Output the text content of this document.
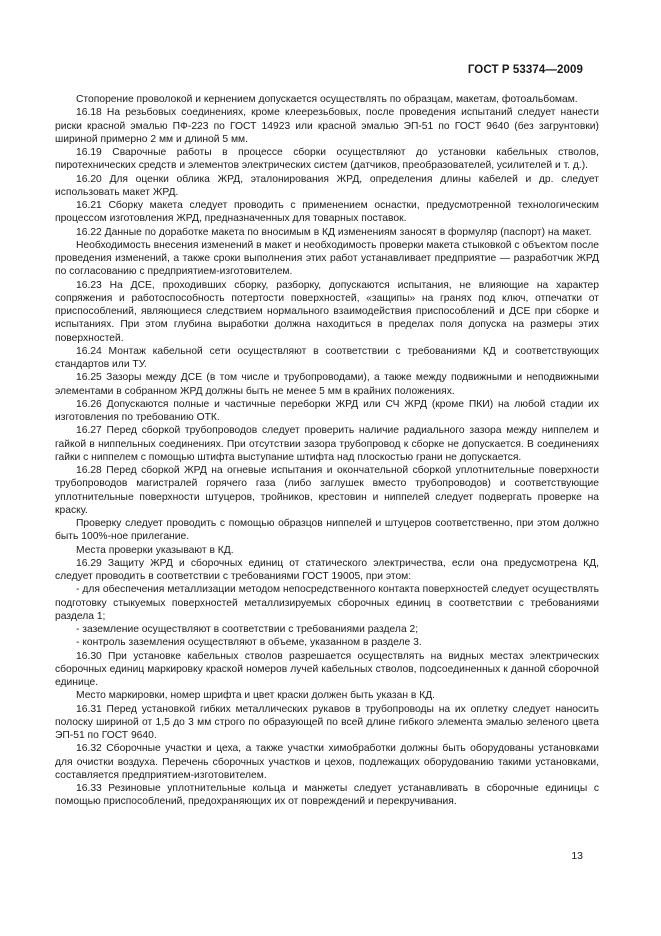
ГОСТ Р 53374—2009

Стопорение проволокой и кернением допускается осуществлять по образцам, макетам, фотоальбомам.

16.18 На резьбовых соединениях, кроме клеерезьбовых, после проведения испытаний следует нанести риски красной эмалью ПФ-223 по ГОСТ 14923 или красной эмалью ЭП-51 по ГОСТ 9640 (без загрунтовки) шириной примерно 2 мм и длиной 5 мм.

16.19 Сварочные работы в процессе сборки осуществляют до установки кабельных стволов, пиротехнических средств и элементов электрических систем (датчиков, преобразователей, усилителей и т. д.).

16.20 Для оценки облика ЖРД, эталонирования ЖРД, определения длины кабелей и др. следует использовать макет ЖРД.

16.21 Сборку макета следует проводить с применением оснастки, предусмотренной технологическим процессом изготовления ЖРД, предназначенных для товарных поставок.

16.22 Данные по доработке макета по вносимым в КД изменениям заносят в формуляр (паспорт) на макет.

Необходимость внесения изменений в макет и необходимость проверки макета стыковкой с объектом после проведения изменений, а также сроки выполнения этих работ устанавливает предприятие — разработчик ЖРД по согласованию с предприятием-изготовителем.

16.23 На ДСЕ, проходивших сборку, разборку, допускаются испытания, не влияющие на характер сопряжения и работоспособность потертости поверхностей, «защипы» на гранях под ключ, отпечатки от приспособлений, являющиеся следствием нормального взаимодействия приспособлений и ДСЕ при сборке и испытаниях. При этом глубина выработки должна находиться в пределах поля допуска на размеры этих поверхностей.

16.24 Монтаж кабельной сети осуществляют в соответствии с требованиями КД и соответствующих стандартов или ТУ.

16.25 Зазоры между ДСЕ (в том числе и трубопроводами), а также между подвижными и неподвижными элементами в собранном ЖРД должны быть не менее 5 мм в крайних положениях.

16.26 Допускаются полные и частичные переборки ЖРД или СЧ ЖРД (кроме ПКИ) на любой стадии их изготовления по требованию ОТК.

16.27 Перед сборкой трубопроводов следует проверить наличие радиального зазора между ниппелем и гайкой в ниппельных соединениях. При отсутствии зазора трубопровод к сборке не допускается. В соединениях гайки с ниппелем с помощью штифта выступание штифта над плоскостью грани не допускается.

16.28 Перед сборкой ЖРД на огневые испытания и окончательной сборкой уплотнительные поверхности трубопроводов магистралей горячего газа (либо заглушек вместо трубопроводов) и соответствующие уплотнительные поверхности штуцеров, тройников, крестовин и ниппелей следует подвергать проверке на краску.

Проверку следует проводить с помощью образцов ниппелей и штуцеров соответственно, при этом должно быть 100%-ное прилегание.

Места проверки указывают в КД.

16.29 Защиту ЖРД и сборочных единиц от статического электричества, если она предусмотрена КД, следует проводить в соответствии с требованиями ГОСТ 19005, при этом:

- для обеспечения металлизации методом непосредственного контакта поверхностей следует осуществлять подготовку стыкуемых поверхностей металлизируемых сборочных единиц в соответствии с требованиями раздела 1;

- заземление осуществляют в соответствии с требованиями раздела 2;

- контроль заземления осуществляют в объеме, указанном в разделе 3.

16.30 При установке кабельных стволов разрешается осуществлять на видных местах электрических сборочных единиц маркировку краской номеров лучей кабельных стволов, подсоединенных к данной сборочной единице.

Место маркировки, номер шрифта и цвет краски должен быть указан в КД.

16.31 Перед установкой гибких металлических рукавов в трубопроводы на их оплетку следует наносить полоску шириной от 1,5 до 3 мм строго по образующей по всей длине гибкого элемента эмалью зеленого цвета ЭП-51 по ГОСТ 9640.

16.32 Сборочные участки и цеха, а также участки химобработки должны быть оборудованы установками для очистки воздуха. Перечень сборочных участков и цехов, подлежащих оборудованию такими установками, составляется предприятием-изготовителем.

16.33 Резиновые уплотнительные кольца и манжеты следует устанавливать в сборочные единицы с помощью приспособлений, предохраняющих их от повреждений и перекручивания.

13
